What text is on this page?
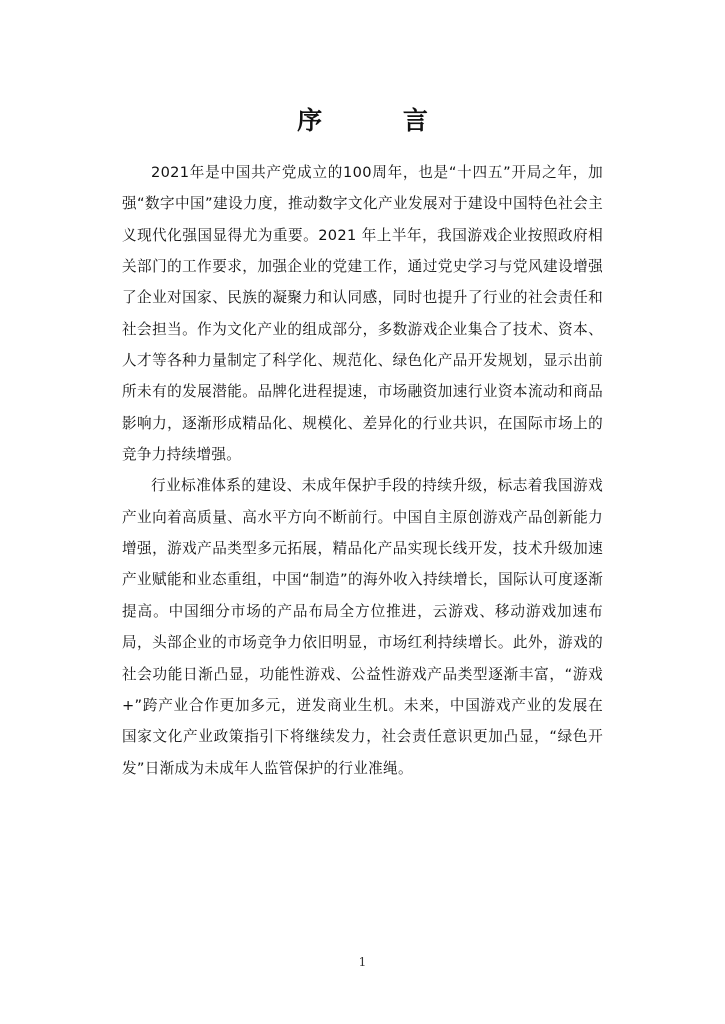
序 言

2021年是中国共产党成立的100周年，也是“十四五”开局之年，加强“数字中国”建设力度，推动数字文化产业发展对于建设中国特色社会主义现代化强国显得尤为重要。2021 年上半年，我国游戏企业按照政府相关部门的工作要求，加强企业的党建工作，通过党史学习与党风建设增强了企业对国家、民族的凝聚力和认同感，同时也提升了行业的社会责任和社会担当。作为文化产业的组成部分，多数游戏企业集合了技术、资本、人才等各种力量制定了科学化、规范化、绿色化产品开发规划，显示出前所未有的发展潜能。品牌化进程提速，市场融资加速行业资本流动和商品影响力，逐渐形成精品化、规模化、差异化的行业共识，在国际市场上的竞争力持续增强。

行业标准体系的建设、未成年保护手段的持续升级，标志着我国游戏产业向着高质量、高水平方向不断前行。中国自主原创游戏产品创新能力增强，游戏产品类型多元拓展，精品化产品实现长线开发，技术升级加速产业赋能和业态重组，中国“制造”的海外收入持续增长，国际认可度逐渐提高。中国细分市场的产品布局全方位推进，云游戏、移动游戏加速布局，头部企业的市场竞争力依旧明显，市场红利持续增长。此外，游戏的社会功能日渐凸显，功能性游戏、公益性游戏产品类型逐渐丰富，“游戏+”跨产业合作更加多元，迸发商业生机。未来，中国游戏产业的发展在国家文化产业政策指引下将继续发力，社会责任意识更加凸显，“绿色开发”日渐成为未成年人监管保护的行业准绳。

1
